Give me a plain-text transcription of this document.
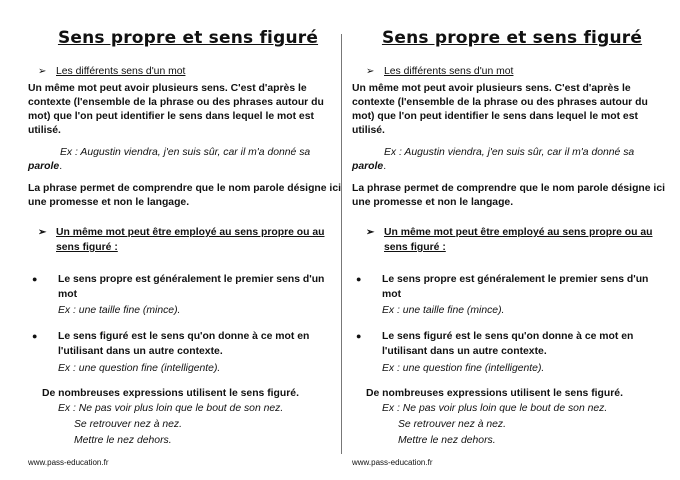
Sens propre et sens figuré
➢ Les différents sens d'un mot
Un même mot peut avoir plusieurs sens. C'est d'après le
contexte (l'ensemble de la phrase ou des phrases autour du
mot) que l'on peut identifier le sens dans lequel le mot est
utilisé.
Ex : Augustin viendra, j'en suis sûr, car il m'a donné sa
parole.
La phrase permet de comprendre que le nom parole désigne ici
une promesse et non le langage.
➢ Un même mot peut être employé au sens propre ou au
sens figuré :
● Le sens propre est généralement le premier sens d'un
mot
Ex : une taille fine (mince).
● Le sens figuré est le sens qu'on donne à ce mot en
l'utilisant dans un autre contexte.
Ex : une question fine (intelligente).
De nombreuses expressions utilisent le sens figuré.
Ex : Ne pas voir plus loin que le bout de son nez.
Se retrouver nez à nez.
Mettre le nez dehors.
www.pass-education.fr
Sens propre et sens figuré
➢ Les différents sens d'un mot
Un même mot peut avoir plusieurs sens. C'est d'après le
contexte (l'ensemble de la phrase ou des phrases autour du
mot) que l'on peut identifier le sens dans lequel le mot est
utilisé.
Ex : Augustin viendra, j'en suis sûr, car il m'a donné sa
parole.
La phrase permet de comprendre que le nom parole désigne ici
une promesse et non le langage.
➢ Un même mot peut être employé au sens propre ou au
sens figuré :
● Le sens propre est généralement le premier sens d'un
mot
Ex : une taille fine (mince).
● Le sens figuré est le sens qu'on donne à ce mot en
l'utilisant dans un autre contexte.
Ex : une question fine (intelligente).
De nombreuses expressions utilisent le sens figuré.
Ex : Ne pas voir plus loin que le bout de son nez.
Se retrouver nez à nez.
Mettre le nez dehors.
www.pass-education.fr
